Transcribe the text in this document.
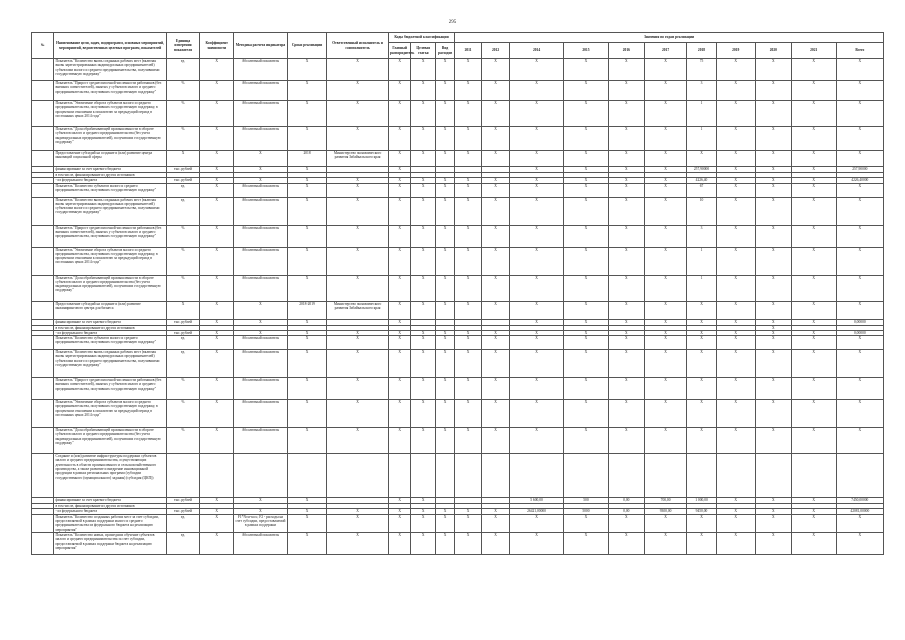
295
№	Наименование цели, задач, подпрограмм, основных мероприятий, мероприятий, ведомственных целевых программ, показателей	Единица измерения показателя	Коэффициент значимости	Методика расчета индикатора	Сроки реализации	Ответственный исполнитель и соисполнитель	Коды бюджетной классификации			Значения по годам реализации										
							Главный распорядитель	Целевая статья	Вид расходов	2011	2012	2014	2015	2016	2017	2018	2019	2020	2021	Всего
	Показатель "Количество вновь созданных рабочих мест (включая вновь зарегистрированных индивидуальных предпринимателей) субъектами малого и среднего предпринимательства, получившими государственную поддержку"	ед.	X	Абсолютный показатель	X	X	X	X	X	X	X	X	X	X	X	75	X	X	X	X
	Показатель "Прирост среднесписочной численности работников (без внешних совместителей), занятых у субъектов малого и среднего предпринимательства, получивших государственную поддержку"	%	X	Абсолютный показатель	X	X	X	X	X	X	X	X	X	X	X	3	X	X	X	X
	Показатель "Увеличение оборота субъектов малого и среднего предпринимательства, получивших государственную поддержку, в процентном отношении к показателю за предыдущий период в постоянных ценах 2014 года"	%	X	Абсолютный показатель	X	X	X	X	X	X	X	X	X	X	X	1	X	X	X	X
	Показатель "Доля обрабатывающей промышленности в обороте субъектов малого и среднего предпринимательства (без учета индивидуальных предпринимателей), получивших государственную поддержку"	%	X	Абсолютный показатель	X	X	X	X	X	X	X	X	X	X	X	1	X	X	X	X
	Предоставление субсидий на создание и (или) развитие центра инноваций социальной сферы	X	X	X	2018	Министерство экономического развития Забайкальского края	X	X	X	X	X	X	X	X	X	X	X	X	X	X
	финансирование за счет краевого бюджета	тыс. рублей	X	X	X		X					X	X	X	X	257,90000	X	X	X	257,90000
	в том числе, финансирование из других источников																			
	- из федерального бюджета	тыс. рублей	X	X	X	X	X	X	X	X	X	X	X	X	X	4226,40	X	X	X	4226,40000
	Показатель "Количество субъектов малого и среднего предпринимательства, получивших государственную поддержку"	ед.	X	Абсолютный показатель	X	X	X	X	X	X	X	X	X	X	X	67	X	X	X	X
	Показатель "Количество вновь созданных рабочих мест (включая вновь зарегистрированных индивидуальных предпринимателей) субъектами малого и среднего предпринимательства, получившими государственную поддержку"	ед.	X	Абсолютный показатель	X	X	X	X	X	X	X	X	X	X	X	10	X	X	X	X
	Показатель "Прирост среднесписочной численности работников (без внешних совместителей), занятых у субъектов малого и среднего предпринимательства, получивших государственную поддержку"	%	X	Абсолютный показатель	X	X	X	X	X	X	X	X	X	X	X	3	X	X	X	X
	Показатель "Увеличение оборота субъектов малого и среднего предпринимательства, получивших государственную поддержку, в процентном отношении к показателю за предыдущий период в постоянных ценах 2014 года"	%	X	Абсолютный показатель	X	X	X	X	X	X	X	X	X	X	X	1	X	X	X	X
	Показатель "Доля обрабатывающей промышленности в обороте субъектов малого и среднего предпринимательства (без учета индивидуальных предпринимателей), получивших государственную поддержку"	%	X	Абсолютный показатель	X	X	X	X	X	X	X	X	X	X	X	1	X	X	X	X
	Предоставление субсидий на создание и (или) развитие инжинирингового центра для бизнеса	X	X	X	2018-2019	Министерство экономического развития Забайкальского края	X	X	X	X	X	X	X	X	X	X	X	X	X	X
	финансирование за счет краевого бюджета	тыс. рублей	X	X	X		X					X	X	X	X	X	X	X	X	0,00000
	в том числе, финансирование из других источников																	X		
	- из федерального бюджета	тыс. рублей	X	X	X	X	X	X	X	X	X	X	X	X	X	X	X	X	X	0,00000
	Показатель "Количество субъектов малого и среднего предпринимательства, получивших государственную поддержку"	ед.	X	Абсолютный показатель	X	X	X	X	X	X	X	X	X	X	X	X	X	X	X	X
	Показатель "Количество вновь созданных рабочих мест (включая вновь зарегистрированных индивидуальных предпринимателей) субъектами малого и среднего предпринимательства, получившими государственную поддержку"	ед.	X	Абсолютный показатель	X	X	X	X	X	X	X	X	X	X	X	X	X	X	X	X
	Показатель "Прирост среднесписочной численности работников (без внешних совместителей), занятых у субъектов малого и среднего предпринимательства, получивших государственную поддержку"	%	X	Абсолютный показатель	X	X	X	X	X	X	X	X	X	X	X	X	X	X	X	X
	Показатель "Увеличение оборота субъектов малого и среднего предпринимательства, получивших государственную поддержку, в процентном отношении к показателю за предыдущий период в постоянных ценах 2014 года"	%	X	Абсолютный показатель	X	X	X	X	X	X	X	X	X	X	X	X	X	X	X	X
	Показатель "Доля обрабатывающей промышленности в обороте субъектов малого и среднего предпринимательства (без учета индивидуальных предпринимателей), получивших государственную поддержку"	%	X	Абсолютный показатель	X	X	X	X	X	X	X	X	X	X	X	X	X	X	X	X
	Создание и (или) развитие инфраструктуры поддержки субъектов малого и среднего предпринимательства, осуществляющих деятельность в области промышленного и сельскохозяйственного производства, а также развитие и внедрение инновационной продукции в рамках региональных программ (субсидии государственного (муниципального) задания) (субсидия (ЦКП))																			
	финансирование за счет краевого бюджета	тыс. рублей	X	X	X		X	X				5 600,00	500	0,00	700,00	1 000,00	X	X	X	7450,00000
	в том числе, финансирование из других источников																			
	- из федерального бюджета	тыс. рублей	X	X	X	X	X	X	X	X	X	26421,00000	5000	0,00	9300,00	9450,00	X	X	X	42081,00000
	Показатель "Количество созданных рабочих мест за счет субсидии, предоставляемой в рамках поддержки малого и среднего предпринимательства из федерального бюджета на реализацию мероприятия"	ед.	X	F1*Ncsr-кол.; F2 - расходы на счет субсидии, предоставляемой в рамках поддержки	X	X	X	X	X	X	X	X	X	X	X	X	X	X	X	X
	Показатель "Количество новых, прошедших обучение субъектов малого и среднего предпринимательства за счет субсидии, предоставляемой в рамках поддержки бюджета на реализацию мероприятия"	ед.	X	Абсолютный показатель	X	X	X	X	X	X	X	X	X	X	X	X	X	X	X	X
